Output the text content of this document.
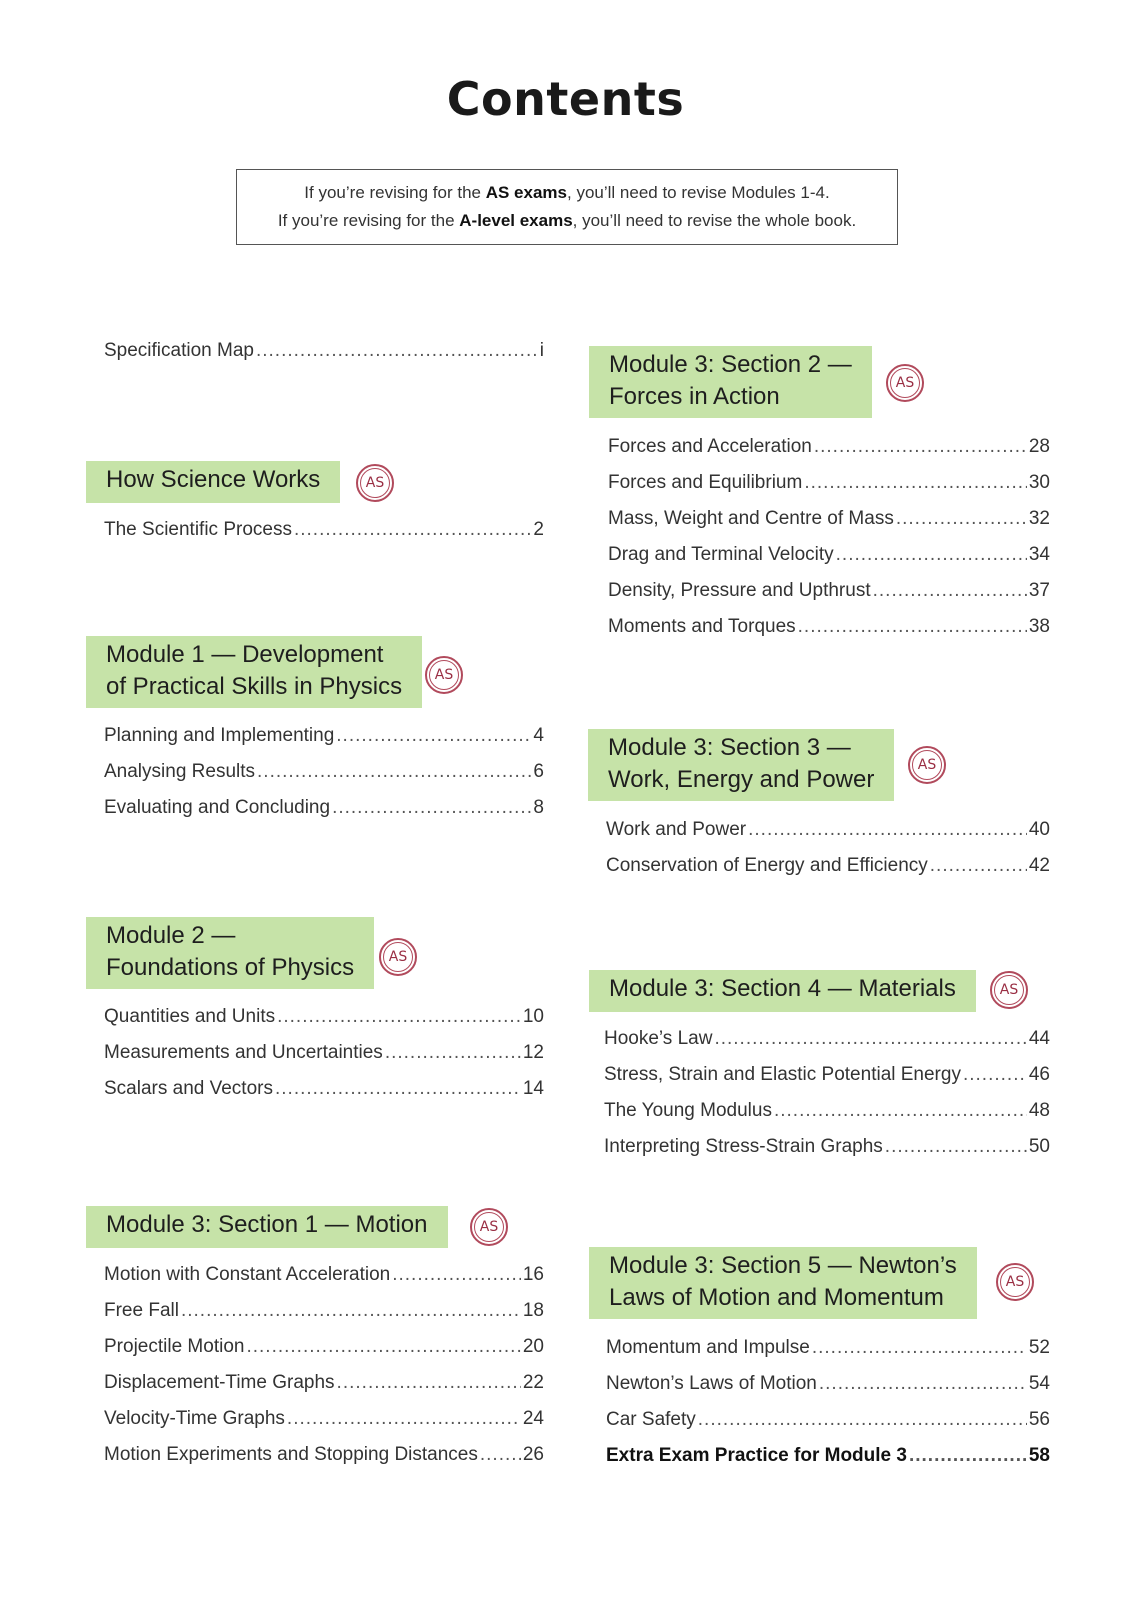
Contents
If you’re revising for the AS exams, you’ll need to revise Modules 1-4.
If you’re revising for the A-level exams, you’ll need to revise the whole book.
Specification Map .....	i
How Science Works	AS
The Scientific Process .....	2
Module 1 — Development
of Practical Skills in Physics AS
Planning and Implementing .....	4
Analysing Results .....	6
Evaluating and Concluding .....	8
Module 2 —
Foundations of Physics AS
Quantities and Units .....	10
Measurements and Uncertainties .....	12
Scalars and Vectors .....	14
Module 3: Section 1 — Motion	AS
Motion with Constant Acceleration .....	16
Free Fall .....	18
Projectile Motion .....	20
Displacement-Time Graphs .....	22
Velocity-Time Graphs .....	24
Motion Experiments and Stopping Distances ..... 26
Module 3: Section 2 —
Forces in Action	AS
Forces and Acceleration .....	28
Forces and Equilibrium .....	30
Mass, Weight and Centre of Mass .....	32
Drag and Terminal Velocity .....	34
Density, Pressure and Upthrust .....	37
Moments and Torques .....	38
Module 3: Section 3 —
Work, Energy and Power
AS
Work and Power .....	40
Conservation of Energy and Efficiency .....	42
Module 3: Section 4 — Materials	AS
Hooke’s Law .....	44
Stress, Strain and Elastic Potential Energy .....	46
The Young Modulus .....	48
Interpreting Stress-Strain Graphs .....	50
Module 3: Section 5 — Newton’s
Laws of Motion and Momentum
AS
Momentum and Impulse .....	52
Newton’s Laws of Motion .....	54
Car Safety .....	56
Extra Exam Practice for Module 3 .....	58
